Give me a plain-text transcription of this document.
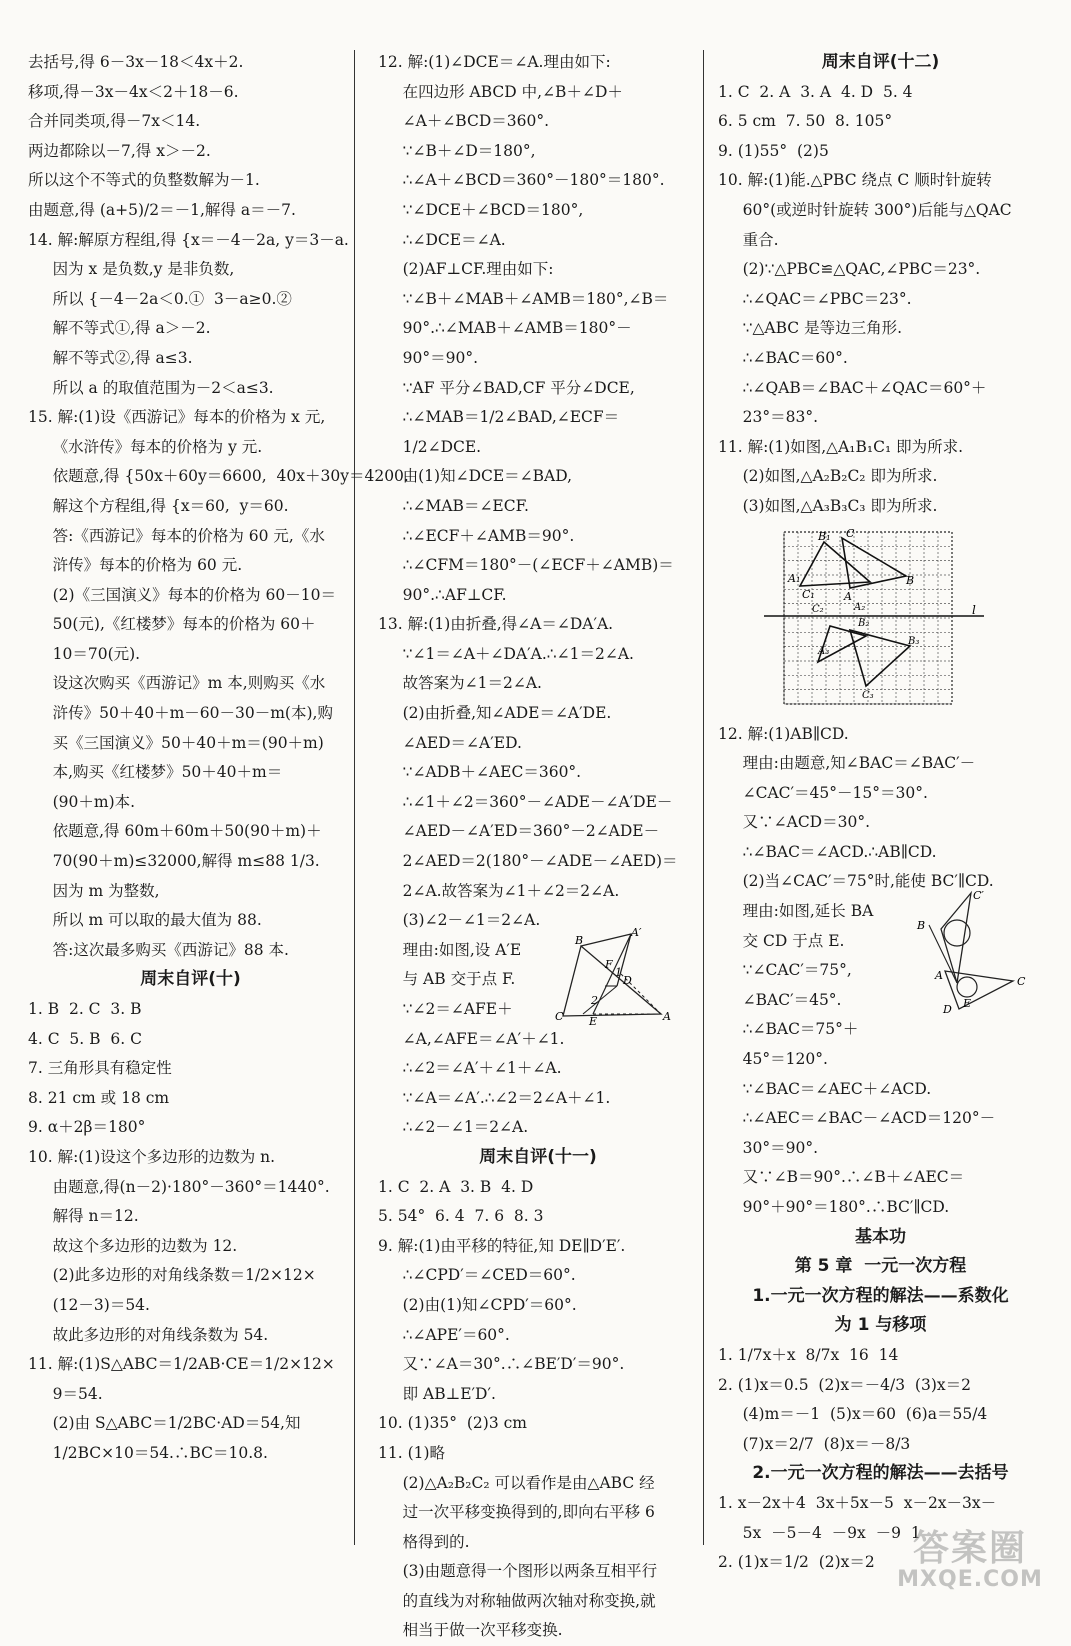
去括号,得 6－3x－18＜4x＋2.
移项,得－3x－4x＜2＋18－6.
合并同类项,得－7x＜14.
两边都除以－7,得 x＞－2.
所以这个不等式的负整数解为－1.
由题意,得 (a+5)/2＝－1,解得 a＝－7.
14. 解:解原方程组,得 {x＝－4－2a, y＝3－a.
因为 x 是负数,y 是非负数,
所以 {－4－2a＜0.①  3－a≥0.②
解不等式①,得 a＞－2.
解不等式②,得 a≤3.
所以 a 的取值范围为－2＜a≤3.
15. 解:(1)设《西游记》每本的价格为 x 元,
《水浒传》每本的价格为 y 元.
依题意,得 {50x＋60y＝6600,  40x＋30y＝4200.
解这个方程组,得 {x＝60,  y＝60.
答:《西游记》每本的价格为 60 元,《水
浒传》每本的价格为 60 元.
(2)《三国演义》每本的价格为 60－10＝
50(元),《红楼梦》每本的价格为 60＋
10＝70(元).
设这次购买《西游记》m 本,则购买《水
浒传》50＋40＋m－60－30－m(本),购
买《三国演义》50＋40＋m＝(90＋m)
本,购买《红楼梦》50＋40＋m＝
(90＋m)本.
依题意,得 60m＋60m＋50(90＋m)＋
70(90＋m)≤32000,解得 m≤88 1/3.
因为 m 为整数,
所以 m 可以取的最大值为 88.
答:这次最多购买《西游记》88 本.
周末自评(十)
1. B  2. C  3. B
4. C  5. B  6. C
7. 三角形具有稳定性
8. 21 cm 或 18 cm
9. α＋2β＝180°
10. 解:(1)设这个多边形的边数为 n.
由题意,得(n－2)·180°－360°＝1440°.
解得 n＝12.
故这个多边形的边数为 12.
(2)此多边形的对角线条数＝1/2×12×
(12－3)＝54.
故此多边形的对角线条数为 54.
11. 解:(1)S△ABC＝1/2AB·CE＝1/2×12×
9＝54.
(2)由 S△ABC＝1/2BC·AD＝54,知
1/2BC×10＝54.∴BC＝10.8.
12. 解:(1)∠DCE＝∠A.理由如下:
在四边形 ABCD 中,∠B＋∠D＋
∠A＋∠BCD＝360°.
∵∠B＋∠D＝180°,
∴∠A＋∠BCD＝360°－180°＝180°.
∵∠DCE＋∠BCD＝180°,
∴∠DCE＝∠A.
(2)AF⊥CF.理由如下:
∵∠B＋∠MAB＋∠AMB＝180°,∠B＝
90°.∴∠MAB＋∠AMB＝180°－
90°＝90°.
∵AF 平分∠BAD,CF 平分∠DCE,
∴∠MAB＝1/2∠BAD,∠ECF＝
1/2∠DCE.
由(1)知∠DCE＝∠BAD,
∴∠MAB＝∠ECF.
∴∠ECF＋∠AMB＝90°.
∴∠CFM＝180°－(∠ECF＋∠AMB)＝
90°.∴AF⊥CF.
13. 解:(1)由折叠,得∠A＝∠DA′A.
∵∠1＝∠A＋∠DA′A.∴∠1＝2∠A.
故答案为∠1＝2∠A.
(2)由折叠,知∠ADE＝∠A′DE.
∠AED＝∠A′ED.
∵∠ADB＋∠AEC＝360°.
∴∠1＋∠2＝360°－∠ADE－∠A′DE－
∠AED－∠A′ED＝360°－2∠ADE－
2∠AED＝2(180°－∠ADE－∠AED)＝
2∠A.故答案为∠1＋∠2＝2∠A.
(3)∠2－∠1＝2∠A.
理由:如图,设 A′E
与 AB 交于点 F.
∵∠2＝∠AFE＋
B
A′
F
D
2
1
C E	A
∠A,∠AFE＝∠A′＋∠1.
∴∠2＝∠A′＋∠1＋∠A.
∵∠A＝∠A′.∴∠2＝2∠A＋∠1.
∴∠2－∠1＝2∠A.
周末自评(十一)
1. C  2. A  3. B  4. D
5. 54°  6. 4  7. 6  8. 3
9. 解:(1)由平移的特征,知 DE∥D′E′.
∴∠CPD′＝∠CED＝60°.
(2)由(1)知∠CPD′＝60°.
∴∠APE′＝60°.
又∵∠A＝30°.∴∠BE′D′＝90°.
即 AB⊥E′D′.
10. (1)35°  (2)3 cm
11. (1)略
(2)△A₂B₂C₂ 可以看作是由△ABC 经
过一次平移变换得到的,即向右平移 6
格得到的.
(3)由题意得一个图形以两条互相平行
的直线为对称轴做两次轴对称变换,就
相当于做一次平移变换.
周末自评(十二)
1. C  2. A  3. A  4. D  5. 4
6. 5 cm  7. 50  8. 105°
9. (1)55°  (2)5
10. 解:(1)能.△PBC 绕点 C 顺时针旋转
60°(或逆时针旋转 300°)后能与△QAC
重合.
(2)∵△PBC≌△QAC,∠PBC＝23°.
∴∠QAC＝∠PBC＝23°.
∵△ABC 是等边三角形.
∴∠BAC＝60°.
∴∠QAB＝∠BAC＋∠QAC＝60°＋
23°＝83°.
11. 解:(1)如图,△A₁B₁C₁ 即为所求.
(2)如图,△A₂B₂C₂ 即为所求.
(3)如图,△A₃B₃C₃ 即为所求.
B₁ C
A₁	B
C₁	A
A₂
C₂
B₂
A₃
B₃
C₃
l
12. 解:(1)AB∥CD.
理由:由题意,知∠BAC＝∠BAC′－
∠CAC′＝45°－15°＝30°.
又∵∠ACD＝30°.
∴∠BAC＝∠ACD.∴AB∥CD.
(2)当∠CAC′＝75°时,能使 BC′∥CD.
理由:如图,延长 BA
交 CD 于点 E.
∵∠CAC′＝75°,
∠BAC′＝45°.
∴∠BAC＝75°＋
45°＝120°.
C′
B
A	C
D E
∵∠BAC＝∠AEC＋∠ACD.
∴∠AEC＝∠BAC－∠ACD＝120°－
30°＝90°.
又∵∠B＝90°.∴∠B＋∠AEC＝
90°＋90°＝180°.∴BC′∥CD.
基本功
第 5 章  一元一次方程
1.一元一次方程的解法——系数化
为 1 与移项
1. 1/7x＋x  8/7x  16  14
2. (1)x＝0.5  (2)x＝－4/3  (3)x＝2
(4)m＝－1  (5)x＝60  (6)a＝55/4
(7)x＝2/7  (8)x＝－8/3
2.一元一次方程的解法——去括号
1. x－2x＋4  3x＋5x－5  x－2x－3x－
5x  －5－4  －9x  －9  1
2. (1)x＝1/2  (2)x＝2	答案圈
MXQE.COM
